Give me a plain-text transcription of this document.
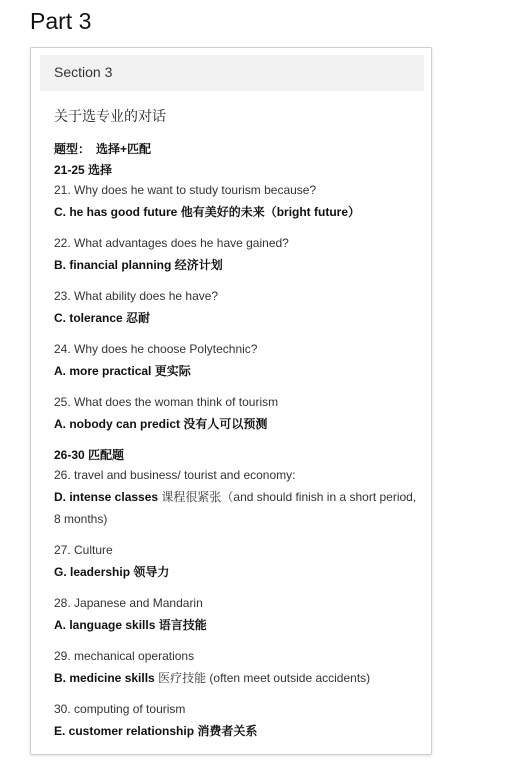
Part 3
Section 3

关于选专业的对话

题型： 选择+匹配

21-25 选择

21. Why does he want to study tourism because?

C. he has good future 他有美好的未来（bright future）

22. What advantages does he have gained?

B. financial planning 经济计划

23. What ability does he have?

C. tolerance 忍耐

24. Why does he choose Polytechnic?

A. more practical 更实际

25. What does the woman think of tourism

A. nobody can predict 没有人可以预测

26-30 匹配题

26. travel and business/ tourist and economy:

D. intense classes 课程很紧张（and should finish in a short period, 8 months)

27. Culture

G. leadership 领导力

28. Japanese and Mandarin

A. language skills 语言技能

29. mechanical operations

B. medicine skills 医疗技能 (often meet outside accidents)

30. computing of tourism

E. customer relationship 消费者关系
